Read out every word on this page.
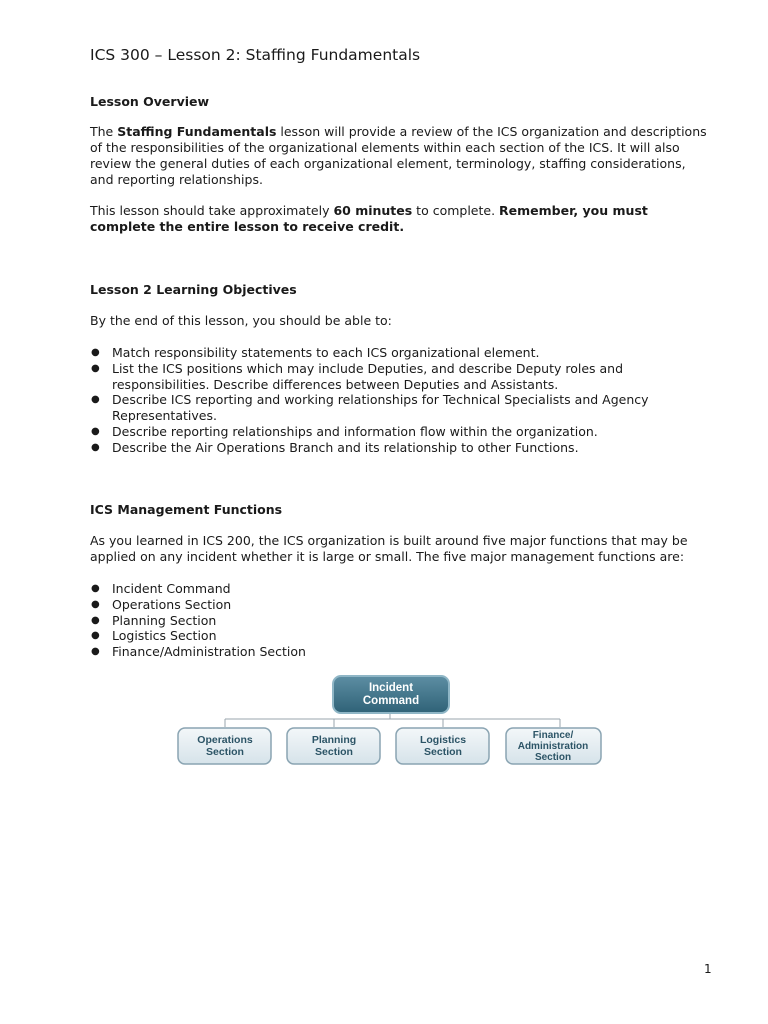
ICS 300 – Lesson 2: Staffing Fundamentals
Lesson Overview

The Staffing Fundamentals lesson will provide a review of the ICS organization and descriptions of the responsibilities of the organizational elements within each section of the ICS. It will also review the general duties of each organizational element, terminology, staffing considerations, and reporting relationships.

This lesson should take approximately 60 minutes to complete. Remember, you must complete the entire lesson to receive credit.

Lesson 2 Learning Objectives

By the end of this lesson, you should be able to:

● Match responsibility statements to each ICS organizational element.
● List the ICS positions which may include Deputies, and describe Deputy roles and responsibilities. Describe differences between Deputies and Assistants.
● Describe ICS reporting and working relationships for Technical Specialists and Agency Representatives.
● Describe reporting relationships and information flow within the organization.
● Describe the Air Operations Branch and its relationship to other Functions.
ICS Management Functions

As you learned in ICS 200, the ICS organization is built around five major functions that may be applied on any incident whether it is large or small. The five major management functions are:

● Incident Command
● Operations Section
● Planning Section
● Logistics Section
● Finance/Administration Section
Incident
Command
Operations
Section
Planning
Section
Logistics
Section
Finance/
Administration
Section
1
